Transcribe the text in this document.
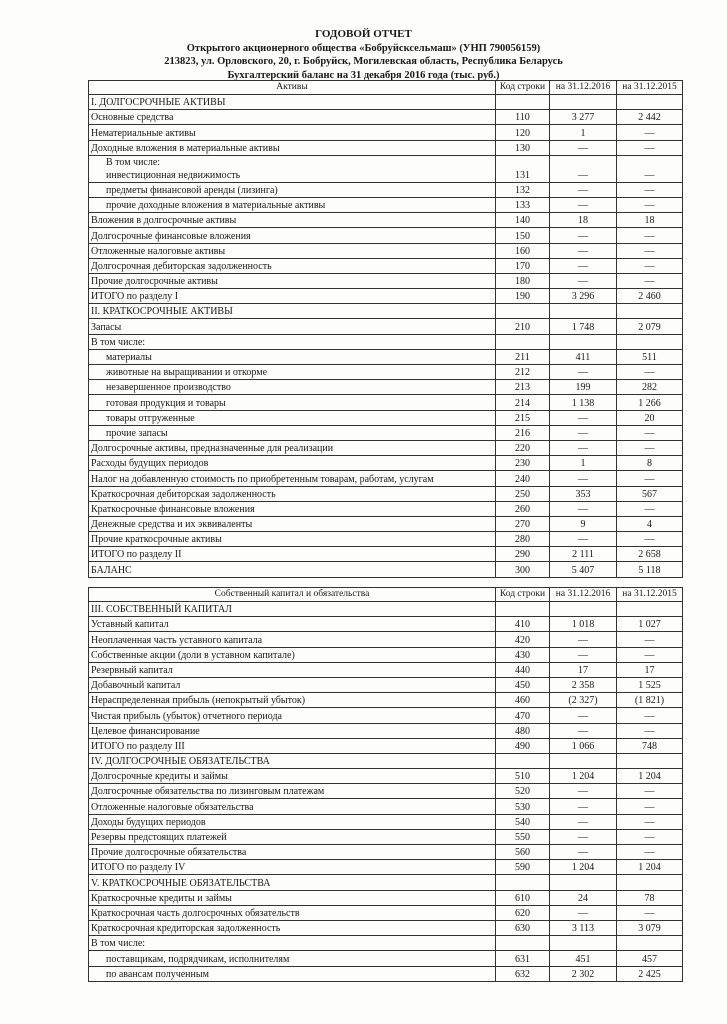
ГОДОВОЙ ОТЧЕТ
Открытого акционерного общества «Бобруйсксельмаш» (УНП 790056159)
213823, ул. Орловского, 20, г. Бобруйск, Могилевская область, Республика Беларусь
Бухгалтерский баланс на 31 декабря 2016 года (тыс. руб.)
Активы	Код строки	на 31.12.2016	на 31.12.2015

I. ДОЛГОСРОЧНЫЕ АКТИВЫ			

Основные средства	110	3 277	2 442

Нематериальные активы	120	1	—

Доходные вложения в материальные активы	130	—	—

В том числе:
инвестиционная недвижимость	131	—	—

предметы финансовой аренды (лизинга)	132	—	—

прочие доходные вложения в материальные активы	133	—	—

Вложения в долгосрочные активы	140	18	18

Долгосрочные финансовые вложения	150	—	—

Отложенные налоговые активы	160	—	—

Долгосрочная дебиторская задолженность	170	—	—

Прочие долгосрочные активы	180	—	—

ИТОГО по разделу I	190	3 296	2 460

II. КРАТКОСРОЧНЫЕ АКТИВЫ			

Запасы	210	1 748	2 079

В том числе:			

материалы	211	411	511

животные на выращивании и откорме	212	—	—

незавершенное производство	213	199	282

готовая продукция и товары	214	1 138	1 266

товары отгруженные	215	—	20

прочие запасы	216	—	—

Долгосрочные активы, предназначенные для реализации	220	—	—

Расходы будущих периодов	230	1	8

Налог на добавленную стоимость по приобретенным товарам, работам, услугам	240	—	—

Краткосрочная дебиторская задолженность	250	353	567

Краткосрочные финансовые вложения	260	—	—

Денежные средства и их эквиваленты	270	9	4

Прочие краткосрочные активы	280	—	—

ИТОГО по разделу II	290	2 111	2 658

БАЛАНС	300	5 407	5 118
Собственный капитал и обязательства	Код строки	на 31.12.2016	на 31.12.2015

III. СОБСТВЕННЫЙ КАПИТАЛ			

Уставный капитал	410	1 018	1 027

Неоплаченная часть уставного капитала	420	—	—

Собственные акции (доли в уставном капитале)	430	—	—

Резервный капитал	440	17	17

Добавочный капитал	450	2 358	1 525

Нераспределенная прибыль (непокрытый убыток)	460	(2 327)	(1 821)

Чистая прибыль (убыток) отчетного периода	470	—	—

Целевое финансирование	480	—	—

ИТОГО по разделу III	490	1 066	748

IV. ДОЛГОСРОЧНЫЕ ОБЯЗАТЕЛЬСТВА			

Долгосрочные кредиты и займы	510	1 204	1 204

Долгосрочные обязательства по лизинговым платежам	520	—	—

Отложенные налоговые обязательства	530	—	—

Доходы будущих периодов	540	—	—

Резервы предстоящих платежей	550	—	—

Прочие долгосрочные обязательства	560	—	—

ИТОГО по разделу IV	590	1 204	1 204

V. КРАТКОСРОЧНЫЕ ОБЯЗАТЕЛЬСТВА			

Краткосрочные кредиты и займы	610	24	78

Краткосрочная часть долгосрочных обязательств	620	—	—

Краткосрочная кредиторская задолженность	630	3 113	3 079

В том числе:			

поставщикам, подрядчикам, исполнителям	631	451	457

по авансам полученным	632	2 302	2 425
